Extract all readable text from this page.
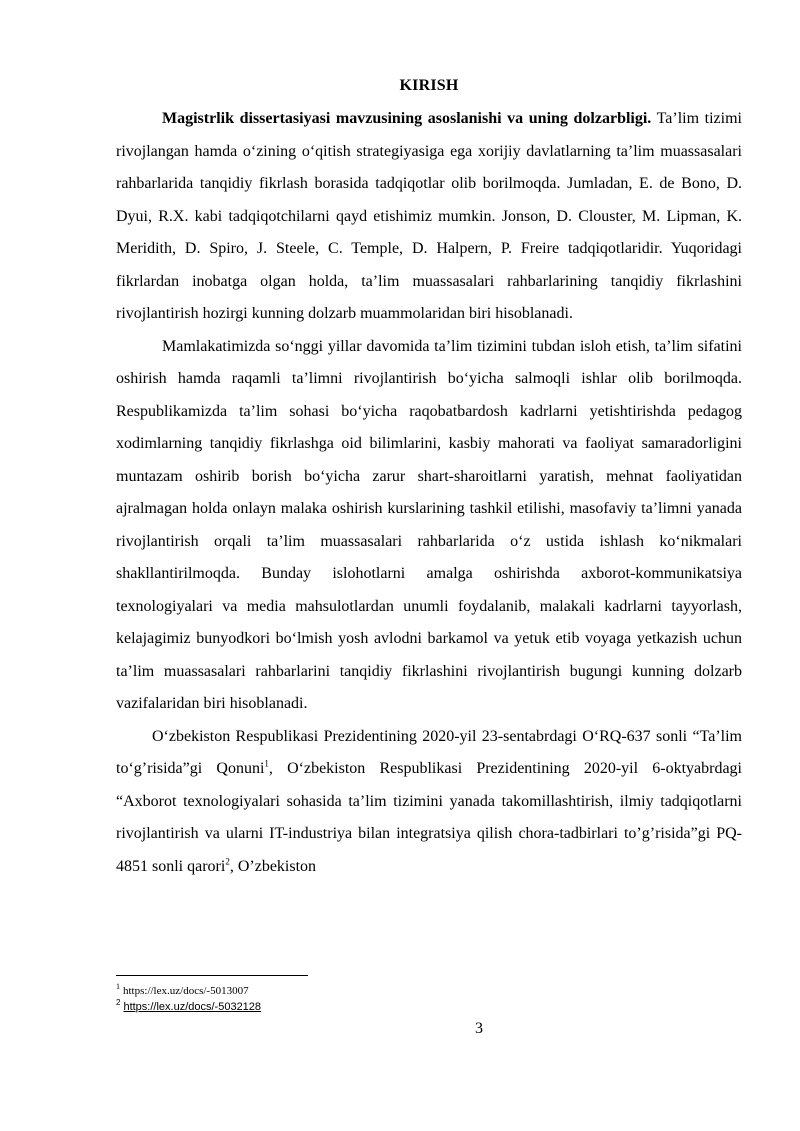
KIRISH

Magistrlik dissertasiyasi mavzusining asoslanishi va uning dolzarbligi. Ta’lim tizimi rivojlangan hamda o‘zining o‘qitish strategiyasiga ega xorijiy davlatlarning ta’lim muassasalari rahbarlarida tanqidiy fikrlash borasida tadqiqotlar olib borilmoqda. Jumladan, E. de Bono, D. Dyui, R.X. kabi tadqiqotchilarni qayd etishimiz mumkin. Jonson, D. Clouster, M. Lipman, K. Meridith, D. Spiro, J. Steele, C. Temple, D. Halpern, P. Freire tadqiqotlaridir. Yuqoridagi fikrlardan inobatga olgan holda, ta’lim muassasalari rahbarlarining tanqidiy fikrlashini rivojlantirish hozirgi kunning dolzarb muammolaridan biri hisoblanadi.

Mamlakatimizda so‘nggi yillar davomida ta’lim tizimini tubdan isloh etish, ta’lim sifatini oshirish hamda raqamli ta’limni rivojlantirish bo‘yicha salmoqli ishlar olib borilmoqda. Respublikamizda ta’lim sohasi bo‘yicha raqobatbardosh kadrlarni yetishtirishda pedagog xodimlarning tanqidiy fikrlashga oid bilimlarini, kasbiy mahorati va faoliyat samaradorligini muntazam oshirib borish bo‘yicha zarur shart-sharoitlarni yaratish, mehnat faoliyatidan ajralmagan holda onlayn malaka oshirish kurslarining tashkil etilishi, masofaviy ta’limni yanada rivojlantirish orqali ta’lim muassasalari rahbarlarida o‘z ustida ishlash ko‘nikmalari shakllantirilmoqda. Bunday islohotlarni amalga oshirishda axborot-kommunikatsiya texnologiyalari va media mahsulotlardan unumli foydalanib, malakali kadrlarni tayyorlash, kelajagimiz bunyodkori bo‘lmish yosh avlodni barkamol va yetuk etib voyaga yetkazish uchun ta’lim muassasalari rahbarlarini tanqidiy fikrlashini rivojlantirish bugungi kunning dolzarb vazifalaridan biri hisoblanadi.

O‘zbekiston Respublikasi Prezidentining 2020-yil 23-sentabrdagi O‘RQ-637 sonli “Ta’lim to‘g’risida”gi Qonuni$^1$, O‘zbekiston Respublikasi Prezidentining 2020-yil 6-oktyabrdagi “Axborot texnologiyalari sohasida ta’lim tizimini yanada takomillashtirish, ilmiy tadqiqotlarni rivojlantirish va ularni IT-industriya bilan integratsiya qilish chora-tadbirlari to’g’risida”gi PQ-4851 sonli qarori$^2$, O’zbekiston

$^1$ https://lex.uz/docs/-5013007
$^2$ https://lex.uz/docs/-5032128
3
